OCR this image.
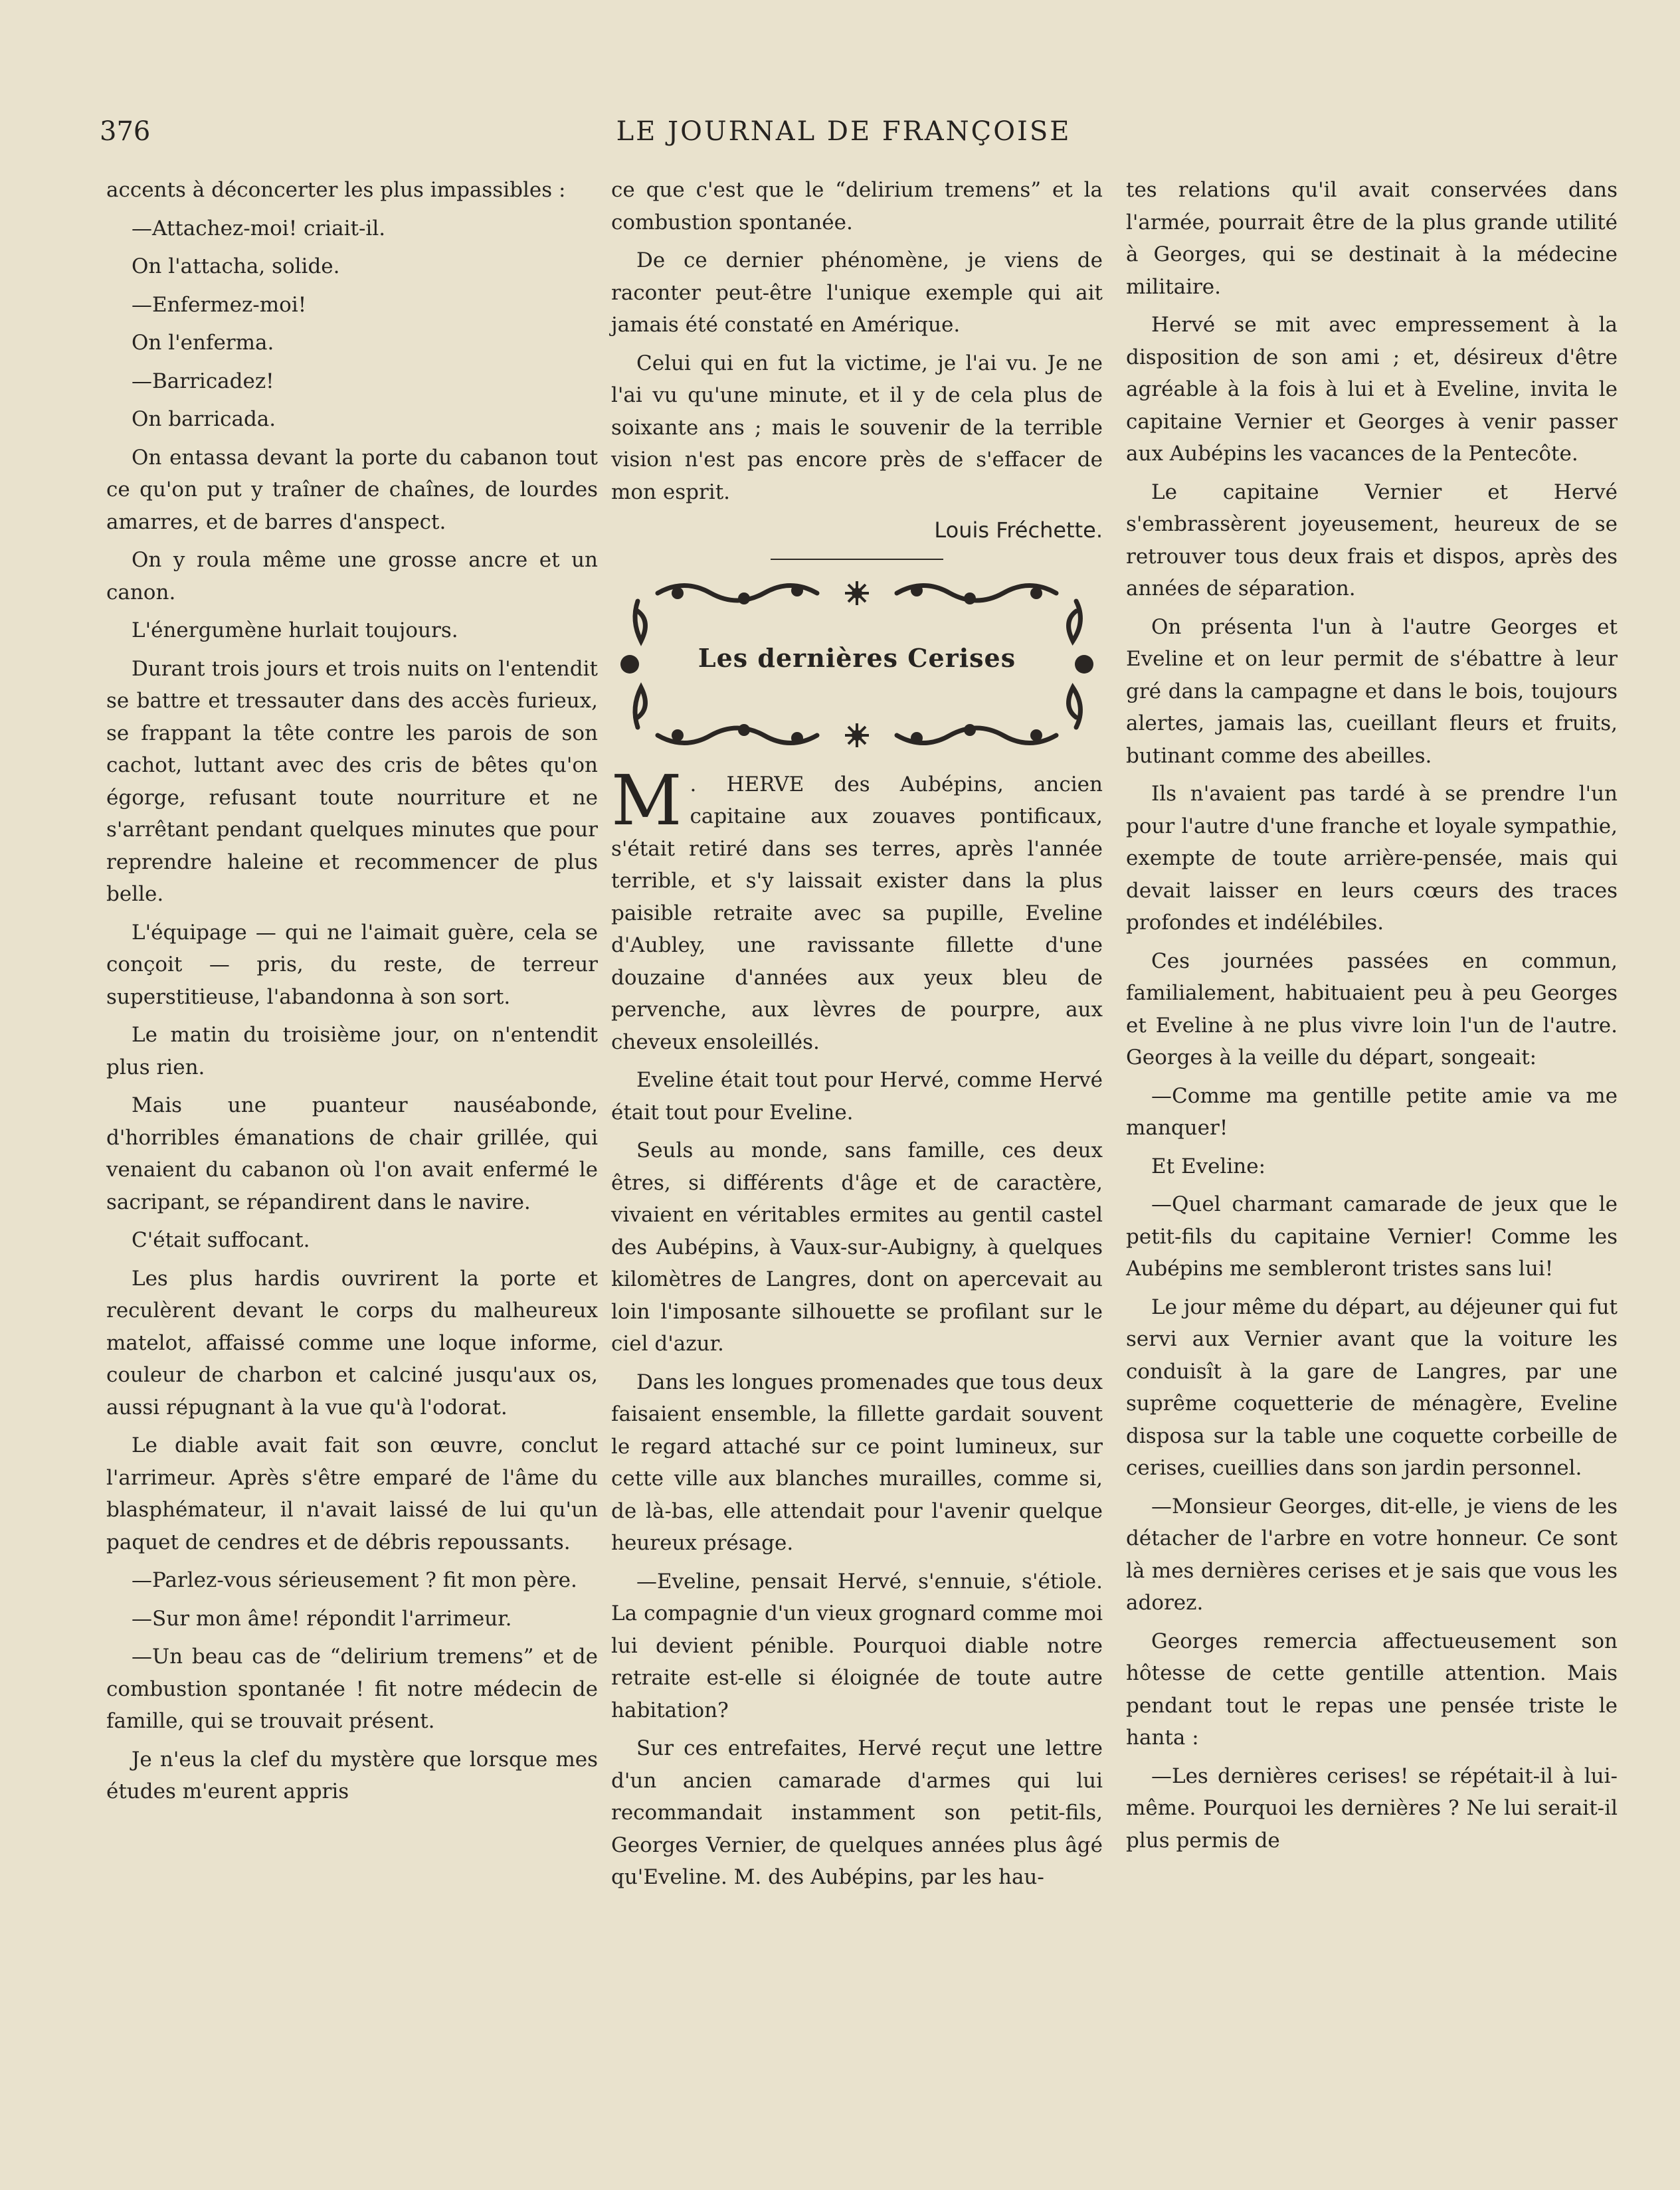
376	LE JOURNAL DE FRANÇOISE

accents à déconcerter les plus impassibles :

—Attachez-moi! criait-il.

On l'attacha, solide.

—Enfermez-moi!

On l'enferma.

—Barricadez!

On barricada.

On entassa devant la porte du cabanon tout ce qu'on put y traîner de chaînes, de lourdes amarres, et de barres d'anspect.

On y roula même une grosse ancre et un canon.

L'énergumène hurlait toujours.

Durant trois jours et trois nuits on l'entendit se battre et tressauter dans des accès furieux, se frappant la tête contre les parois de son cachot, luttant avec des cris de bêtes qu'on égorge, refusant toute nourriture et ne s'arrêtant pendant quelques minutes que pour reprendre haleine et recommencer de plus belle.

L'équipage — qui ne l'aimait guère, cela se conçoit — pris, du reste, de terreur superstitieuse, l'abandonna à son sort.

Le matin du troisième jour, on n'entendit plus rien.

Mais une puanteur nauséabonde, d'horribles émanations de chair grillée, qui venaient du cabanon où l'on avait enfermé le sacripant, se répandirent dans le navire.

C'était suffocant.

Les plus hardis ouvrirent la porte et reculèrent devant le corps du malheureux matelot, affaissé comme une loque informe, couleur de charbon et calciné jusqu'aux os, aussi répugnant à la vue qu'à l'odorat.

Le diable avait fait son œuvre, conclut l'arrimeur. Après s'être emparé de l'âme du blasphémateur, il n'avait laissé de lui qu'un paquet de cendres et de débris repoussants.

—Parlez-vous sérieusement ? fit mon père.

—Sur mon âme! répondit l'arrimeur.

—Un beau cas de “delirium tremens” et de combustion spontanée ! fit notre médecin de famille, qui se trouvait présent.

Je n'eus la clef du mystère que lorsque mes études m'eurent appris

ce que c'est que le “delirium tremens” et la combustion spontanée.

De ce dernier phénomène, je viens de raconter peut-être l'unique exemple qui ait jamais été constaté en Amérique.

Celui qui en fut la victime, je l'ai vu. Je ne l'ai vu qu'une minute, et il y de cela plus de soixante ans ; mais le souvenir de la terrible vision n'est pas encore près de s'effacer de mon esprit.

Louis Fréchette.

Les dernières Cerises

M . HERVE des Aubépins, ancien capitaine aux zouaves pontificaux, s'était retiré dans ses terres, après l'année terrible, et s'y laissait exister dans la plus paisible retraite avec sa pupille, Eveline d'Aubley, une ravissante fillette d'une douzaine d'années aux yeux bleu de pervenche, aux lèvres de pourpre, aux cheveux ensoleillés.

Eveline était tout pour Hervé, comme Hervé était tout pour Eveline.

Seuls au monde, sans famille, ces deux êtres, si différents d'âge et de caractère, vivaient en véritables ermites au gentil castel des Aubépins, à Vaux-sur-Aubigny, à quelques kilomètres de Langres, dont on apercevait au loin l'imposante silhouette se profilant sur le ciel d'azur.

Dans les longues promenades que tous deux faisaient ensemble, la fillette gardait souvent le regard attaché sur ce point lumineux, sur cette ville aux blanches murailles, comme si, de là-bas, elle attendait pour l'avenir quelque heureux présage.

—Eveline, pensait Hervé, s'ennuie, s'étiole. La compagnie d'un vieux grognard comme moi lui devient pénible. Pourquoi diable notre retraite est-elle si éloignée de toute autre habitation?

Sur ces entrefaites, Hervé reçut une lettre d'un ancien camarade d'armes qui lui recommandait instamment son petit-fils, Georges Vernier, de quelques années plus âgé qu'Eveline. M. des Aubépins, par les hau-

tes relations qu'il avait conservées dans l'armée, pourrait être de la plus grande utilité à Georges, qui se destinait à la médecine militaire.

Hervé se mit avec empressement à la disposition de son ami ; et, désireux d'être agréable à la fois à lui et à Eveline, invita le capitaine Vernier et Georges à venir passer aux Aubépins les vacances de la Pentecôte.

Le capitaine Vernier et Hervé s'embrassèrent joyeusement, heureux de se retrouver tous deux frais et dispos, après des années de séparation.

On présenta l'un à l'autre Georges et Eveline et on leur permit de s'ébattre à leur gré dans la campagne et dans le bois, toujours alertes, jamais las, cueillant fleurs et fruits, butinant comme des abeilles.

Ils n'avaient pas tardé à se prendre l'un pour l'autre d'une franche et loyale sympathie, exempte de toute arrière-pensée, mais qui devait laisser en leurs cœurs des traces profondes et indélébiles.

Ces journées passées en commun, familialement, habituaient peu à peu Georges et Eveline à ne plus vivre loin l'un de l'autre. Georges à la veille du départ, songeait:

—Comme ma gentille petite amie va me manquer!

Et Eveline:

—Quel charmant camarade de jeux que le petit-fils du capitaine Vernier! Comme les Aubépins me sembleront tristes sans lui!

Le jour même du départ, au déjeuner qui fut servi aux Vernier avant que la voiture les conduisît à la gare de Langres, par une suprême coquetterie de ménagère, Eveline disposa sur la table une coquette corbeille de cerises, cueillies dans son jardin personnel.

—Monsieur Georges, dit-elle, je viens de les détacher de l'arbre en votre honneur. Ce sont là mes dernières cerises et je sais que vous les adorez.

Georges remercia affectueusement son hôtesse de cette gentille attention. Mais pendant tout le repas une pensée triste le hanta :

—Les dernières cerises! se répétait-il à lui-même. Pourquoi les dernières ? Ne lui serait-il plus permis de
